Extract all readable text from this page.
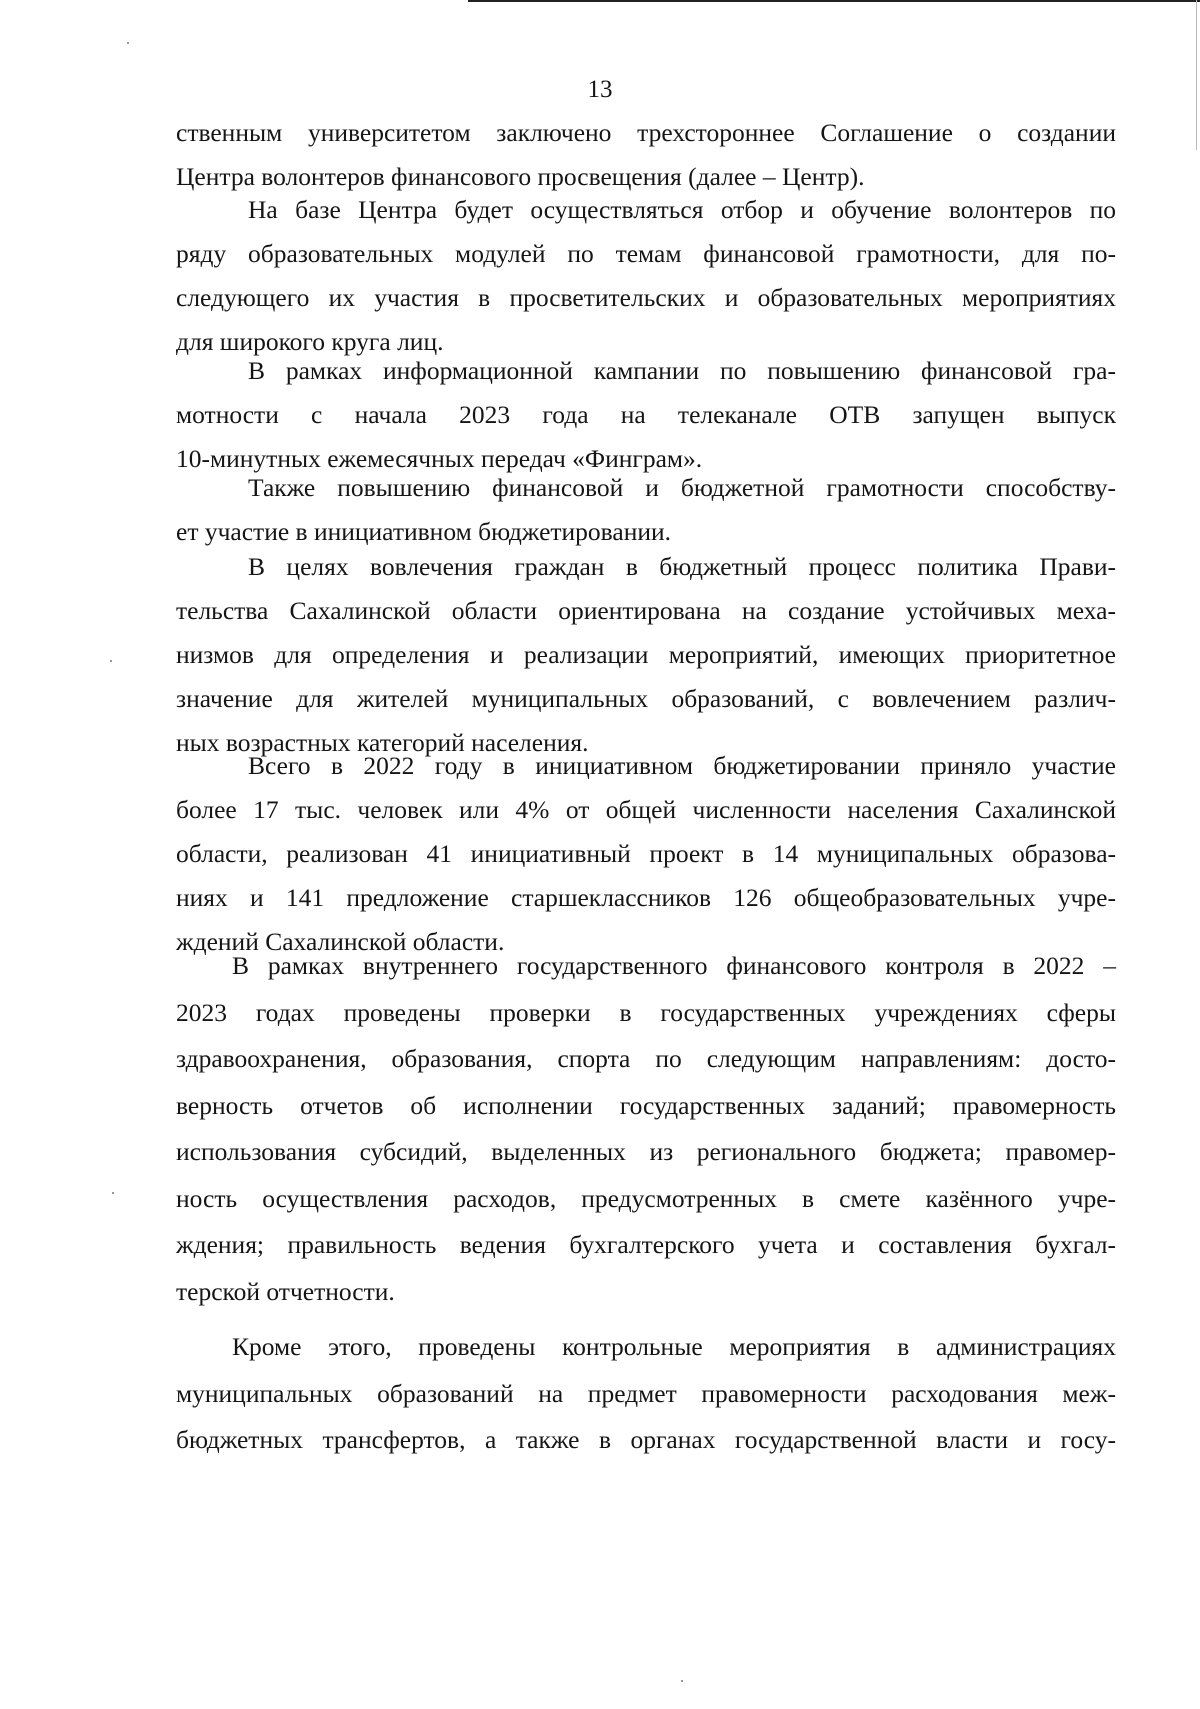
13

ственным университетом заключено трехстороннее Соглашение о создании
Центра волонтеров финансового просвещения (далее – Центр).

На базе Центра будет осуществляться отбор и обучение волонтеров по
ряду образовательных модулей по темам финансовой грамотности, для по-
следующего их участия в просветительских и образовательных мероприятиях
для широкого круга лиц.

В рамках информационной кампании по повышению финансовой гра-
мотности с начала 2023 года на телеканале ОТВ запущен выпуск
10-минутных ежемесячных передач «Финграм».

Также повышению финансовой и бюджетной грамотности способству-
ет участие в инициативном бюджетировании.

В целях вовлечения граждан в бюджетный процесс политика Прави-
тельства Сахалинской области ориентирована на создание устойчивых меха-
низмов для определения и реализации мероприятий, имеющих приоритетное
значение для жителей муниципальных образований, с вовлечением различ-
ных возрастных категорий населения.

Всего в 2022 году в инициативном бюджетировании приняло участие
более 17 тыс. человек или 4% от общей численности населения Сахалинской
области, реализован 41 инициативный проект в 14 муниципальных образова-
ниях и 141 предложение старшеклассников 126 общеобразовательных учре-
ждений Сахалинской области.

В рамках внутреннего государственного финансового контроля в 2022 –
2023 годах проведены проверки в государственных учреждениях сферы
здравоохранения, образования, спорта по следующим направлениям: досто-
верность отчетов об исполнении государственных заданий; правомерность
использования субсидий, выделенных из регионального бюджета; правомер-
ность осуществления расходов, предусмотренных в смете казённого учре-
ждения; правильность ведения бухгалтерского учета и составления бухгал-
терской отчетности.

Кроме этого, проведены контрольные мероприятия в администрациях
муниципальных образований на предмет правомерности расходования меж-
бюджетных трансфертов, а также в органах государственной власти и госу-
